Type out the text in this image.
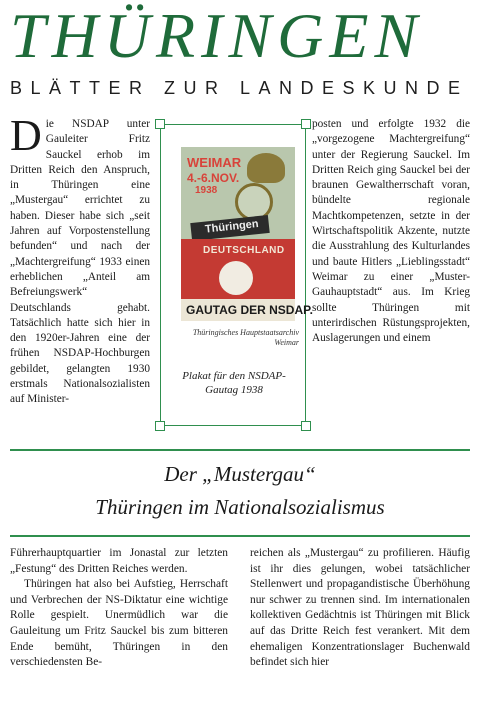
THÜRINGEN
BLÄTTER ZUR LANDESKUNDE
D ie NSDAP unter Gauleiter Fritz Sauckel erhob im Dritten Reich den Anspruch, in Thüringen eine „Mustergau“ errichtet zu haben. Dieser habe sich „seit Jahren auf Vorpostenstellung befunden“ und nach der „Machtergreifung“ 1933 einen erheblichen „Anteil am Befreiungswerk“ Deutschlands gehabt. Tatsächlich hatte sich hier in den 1920er-Jahren eine der frühen NSDAP-Hochburgen gebildet, gelangten 1930 erstmals Nationalsozialisten auf Minister-

WEIMAR
4.-6.NOV.
1938
Thüringen
DEUTSCHLAND
GAUTAG DER NSDAP.
Thüringisches Hauptstaatsarchiv Weimar
Plakat für den NSDAP-Gautag 1938

posten und erfolgte 1932 die „vorgezogene Machtergreifung“ unter der Regierung Sauckel. Im Dritten Reich ging Sauckel bei der braunen Gewaltherrschaft voran, bündelte regionale Machtkompetenzen, setzte in der Wirtschaftspolitik Akzente, nutzte die Ausstrahlung des Kulturlandes und baute Hitlers „Lieblingsstadt“ Weimar zu einer „Muster-Gauhauptstadt“ aus. Im Krieg sollte Thüringen mit unterirdischen Rüstungsprojekten, Auslagerungen und einem

Der „Mustergau“
Thüringen im Nationalsozialismus

Führerhauptquartier im Jonastal zur letzten „Festung“ des Dritten Reiches werden.

Thüringen hat also bei Aufstieg, Herrschaft und Verbrechen der NS-Diktatur eine wichtige Rolle gespielt. Unermüdlich war die Gauleitung um Fritz Sauckel bis zum bitteren Ende bemüht, Thüringen in den verschiedensten Be-

reichen als „Mustergau“ zu profilieren. Häufig ist ihr dies gelungen, wobei tatsächlicher Stellenwert und propagandistische Überhöhung nur schwer zu trennen sind. Im internationalen kollektiven Gedächtnis ist Thüringen mit Blick auf das Dritte Reich fest verankert. Mit dem ehemaligen Konzentrationslager Buchenwald befindet sich hier
